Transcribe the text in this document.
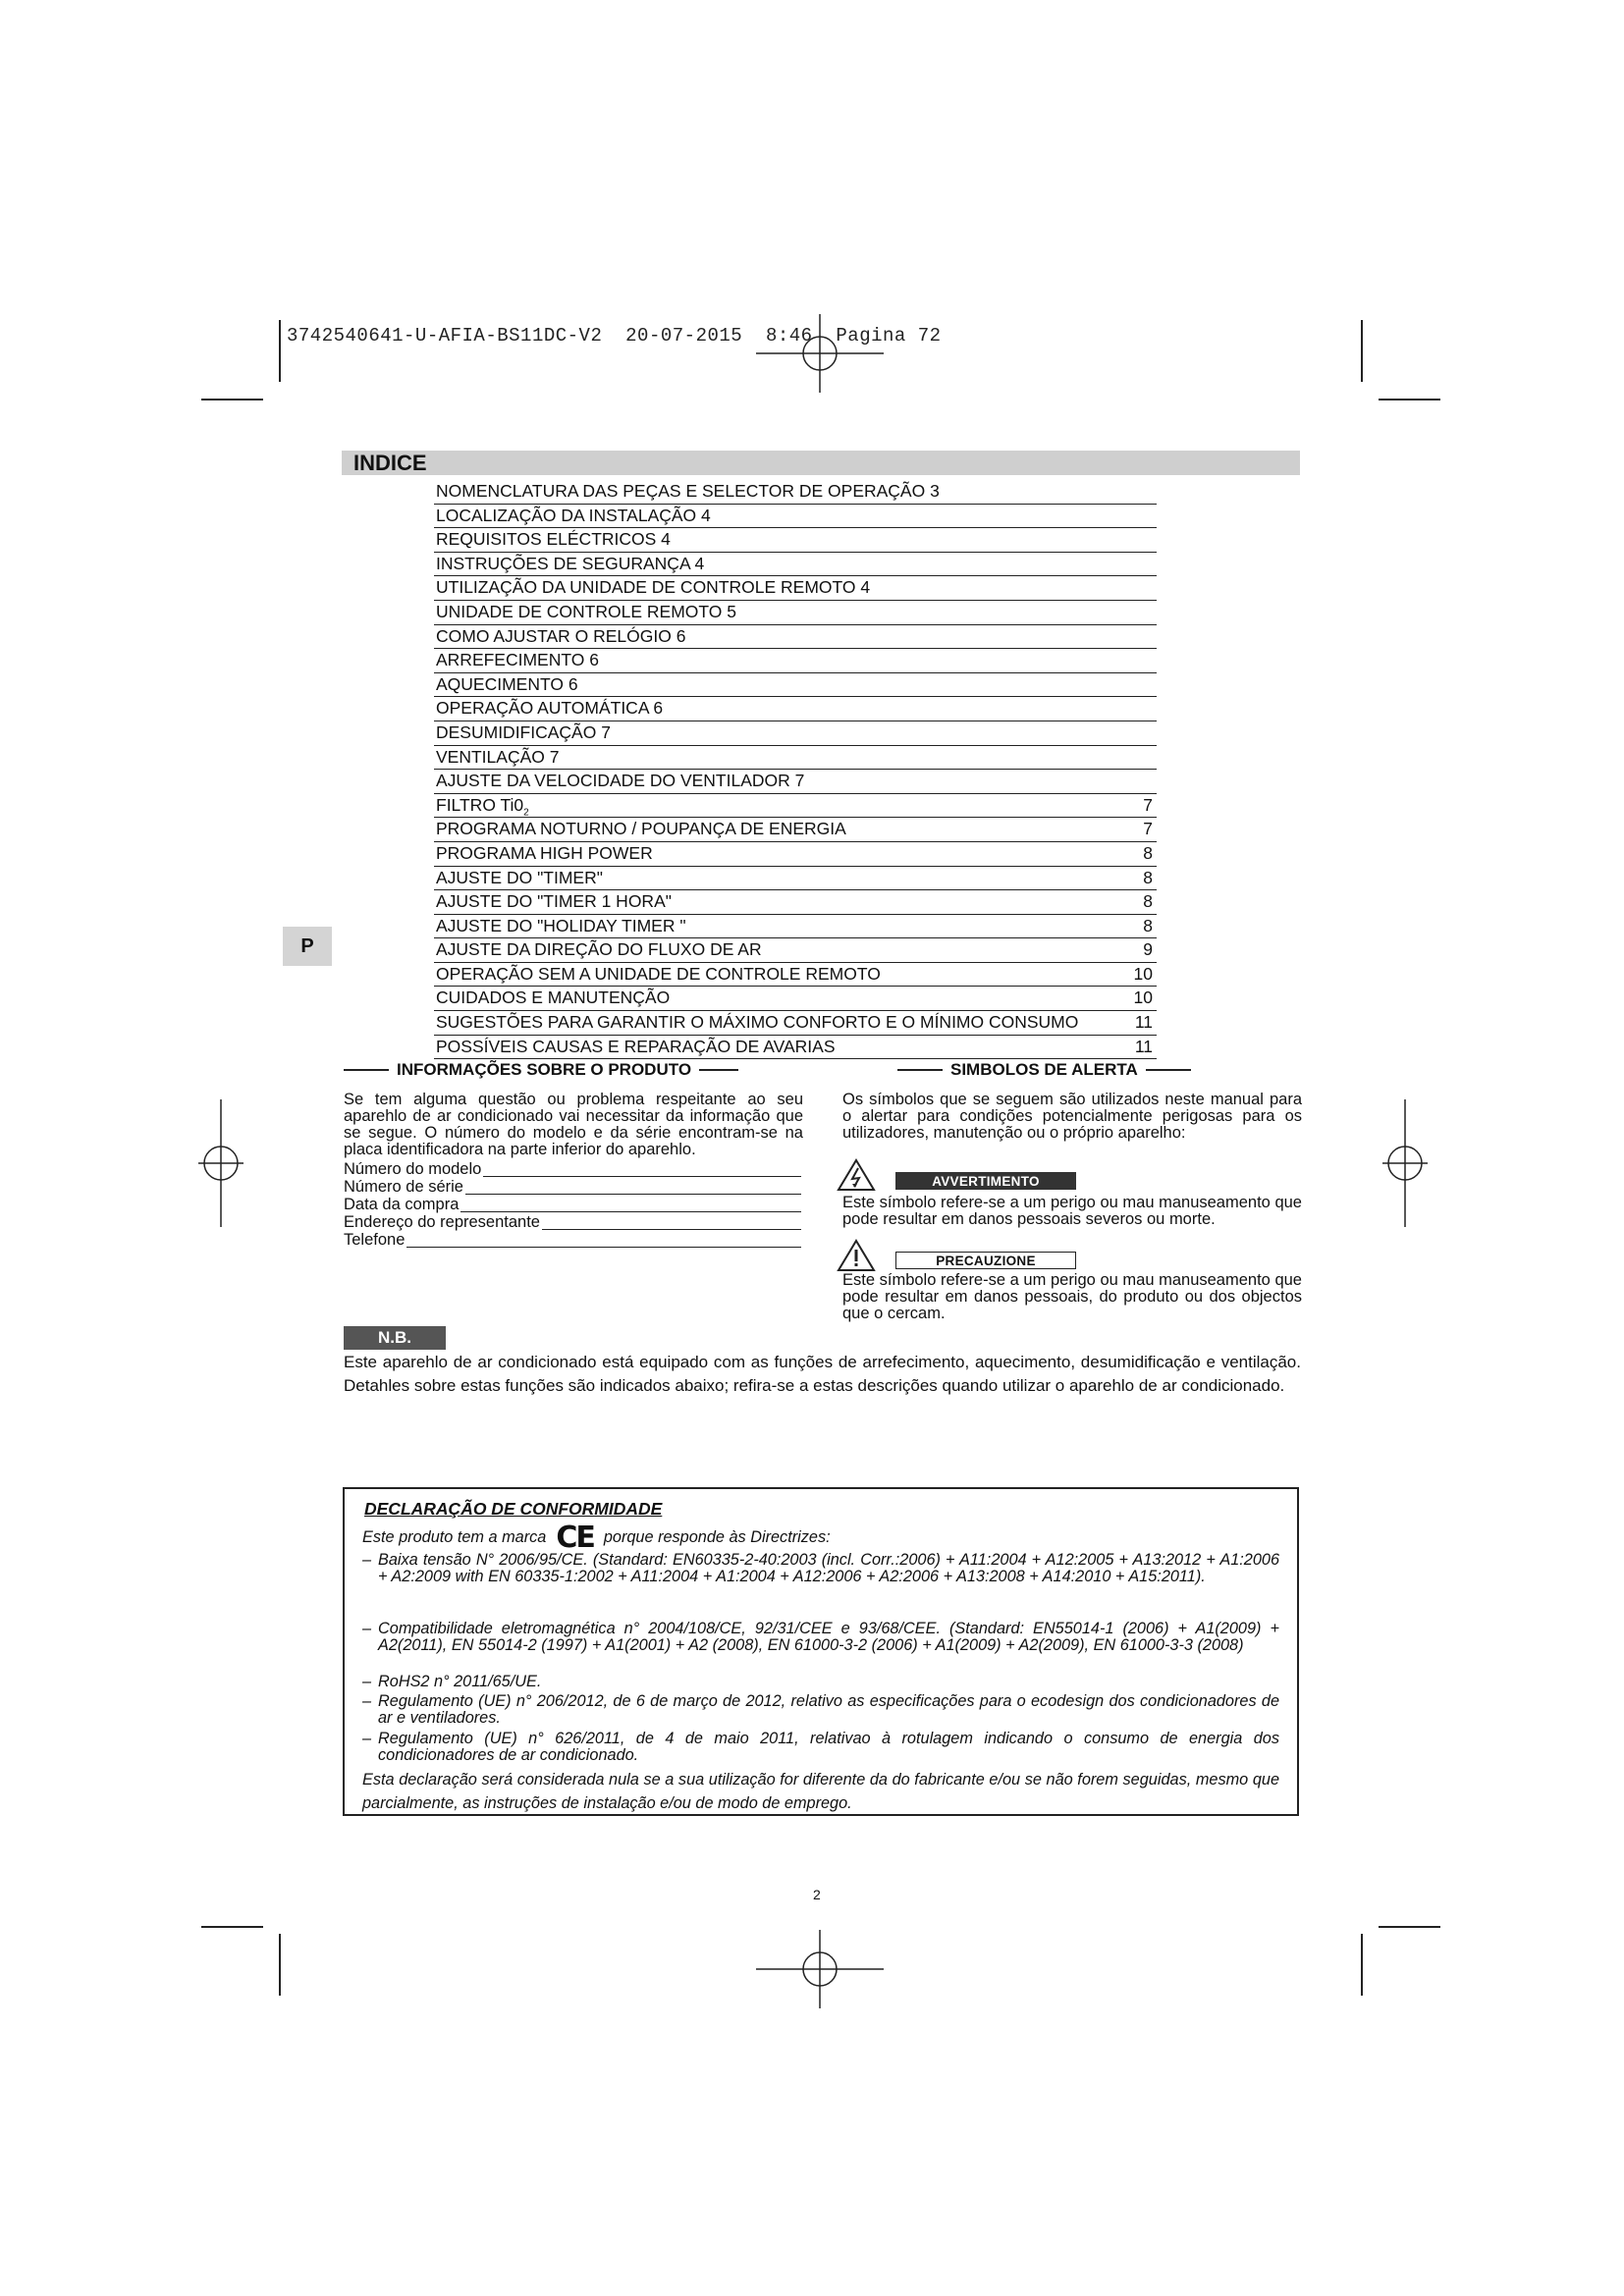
3742540641-U-AFIA-BS11DC-V2  20-07-2015  8:46  Pagina 72
INDICE
NOMENCLATURA DAS PEÇAS E SELECTOR DE OPERAÇÃO 3
LOCALIZAÇÃO DA INSTALAÇÃO 4
REQUISITOS ELÉCTRICOS 4
INSTRUÇÕES DE SEGURANÇA 4
UTILIZAÇÃO DA UNIDADE DE CONTROLE REMOTO 4
UNIDADE DE CONTROLE REMOTO 5
COMO AJUSTAR O RELÓGIO 6
ARREFECIMENTO 6
AQUECIMENTO 6
OPERAÇÃO AUTOMÁTICA 6
DESUMIDIFICAÇÃO 7
VENTILAÇÃO 7
AJUSTE DA VELOCIDADE DO VENTILADOR 7
FILTRO $Ti0_2$	7
PROGRAMA NOTURNO / POUPANÇA DE ENERGIA	7
PROGRAMA HIGH POWER	8
AJUSTE DO "TIMER"	8
AJUSTE DO "TIMER 1 HORA"	8
AJUSTE DO "HOLIDAY TIMER "	8
AJUSTE DA DIREÇÃO DO FLUXO DE AR	9
OPERAÇÃO SEM A UNIDADE DE CONTROLE REMOTO	10
CUIDADOS E MANUTENÇÃO	10
SUGESTÕES PARA GARANTIR O MÁXIMO CONFORTO E O MÍNIMO CONSUMO	11
POSSÍVEIS CAUSAS E REPARAÇÃO DE AVARIAS	11
P
INFORMAÇÕES SOBRE O PRODUTO
Se tem alguma questão ou problema respeitante ao seu aparehlo de ar condicionado vai necessitar da informação que se segue. O número do modelo e da série encontram-se na placa identificadora na parte inferior do aparehlo.
Número do modelo
Número de série
Data da compra
Endereço do representante
Telefone
SIMBOLOS DE ALERTA
Os símbolos que se seguem são utilizados neste manual para o alertar para condições potencialmente perigosas para os utilizadores, manutenção ou o próprio aparelho:
AVVERTIMENTO
Este símbolo refere-se a um perigo ou mau manuseamento que pode resultar em danos pessoais severos ou morte.
PRECAUZIONE
Este símbolo refere-se a um perigo ou mau manuseamento que pode resultar em danos pessoais, do produto ou dos objectos que o cercam.
N.B.
Este aparehlo de ar condicionado está equipado com as funções de arrefecimento, aquecimento, desumidificação e ventilação. Detahles sobre estas funções são indicados abaixo; refira-se a estas descrições quando utilizar o aparehlo de ar condicionado.
DECLARAÇÃO DE CONFORMIDADE
Este produto tem a marca CE porque responde às Directrizes:
– Baixa tensão N° 2006/95/CE. (Standard: EN60335-2-40:2003 (incl. Corr.:2006) + A11:2004 + A12:2005 + A13:2012 + A1:2006 + A2:2009 with EN 60335-1:2002 + A11:2004 + A1:2004 + A12:2006 + A2:2006 + A13:2008 + A14:2010 + A15:2011).
– Compatibilidade eletromagnética n° 2004/108/CE, 92/31/CEE e 93/68/CEE. (Standard: EN55014-1 (2006) + A1(2009) + A2(2011), EN 55014-2 (1997) + A1(2001) + A2 (2008), EN 61000-3-2 (2006) + A1(2009) + A2(2009), EN 61000-3-3 (2008)
– RoHS2 n° 2011/65/UE.
– Regulamento (UE) n° 206/2012, de 6 de março de 2012, relativo as especificações para o ecodesign dos condicionadores de ar e ventiladores.
– Regulamento (UE) n° 626/2011, de 4 de maio 2011, relativao à rotulagem indicando o consumo de energia dos condicionadores de ar condicionado.
Esta declaração será considerada nula se a sua utilização for diferente da do fabricante e/ou se não forem seguidas, mesmo que parcialmente, as instruções de instalação e/ou de modo de emprego.
2
